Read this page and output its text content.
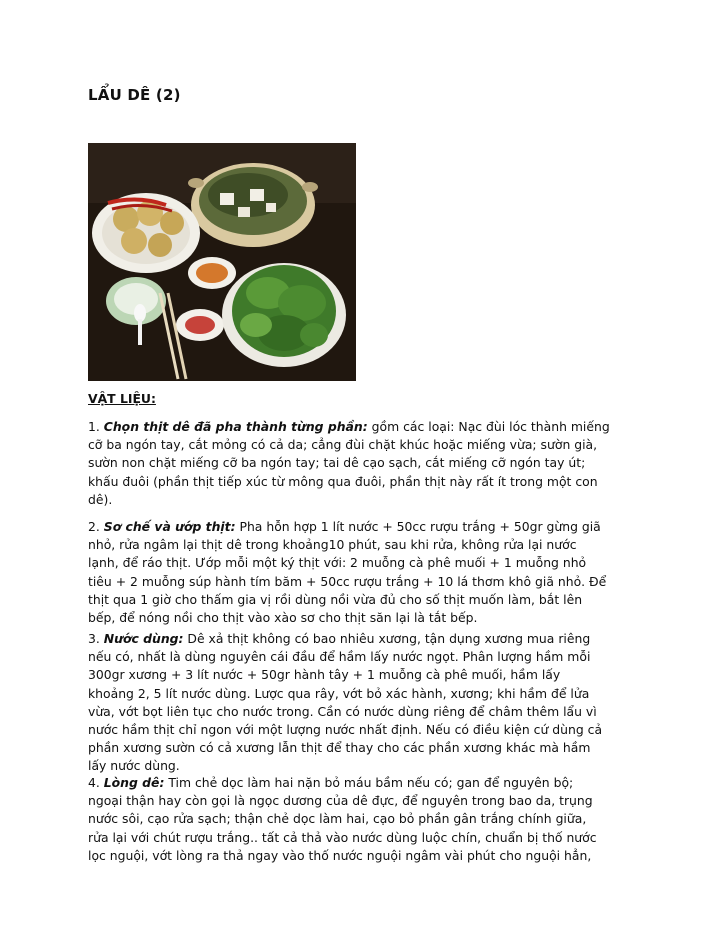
LẨU DÊ (2)
VẬT LIỆU:
1. Chọn thịt dê đã pha thành từng phần: gồm các loại: Nạc đùi lóc thành miếng
cỡ ba ngón tay, cắt mỏng có cả da; cẳng đùi chặt khúc hoặc miếng vừa; sườn già,
sườn non chặt miếng cỡ ba ngón tay; tai dê cạo sạch, cắt miếng cỡ ngón tay út;
khấu đuôi (phần thịt tiếp xúc từ mông qua đuôi, phần thịt này rất ít trong một con
dê).
2. Sơ chế và ướp thịt: Pha hỗn hợp 1 lít nước + 50cc rượu trắng + 50gr gừng giã
nhỏ, rửa ngâm lại thịt dê trong khoảng10 phút, sau khi rửa, không rửa lại nước
lạnh, để ráo thịt. Ướp mỗi một ký thịt với: 2 muỗng cà phê muối + 1 muỗng nhỏ
tiêu + 2 muỗng súp hành tím băm + 50cc rượu trắng + 10 lá thơm khô giã nhỏ. Để
thịt qua 1 giờ cho thấm gia vị rồi dùng nồi vừa đủ cho số thịt muốn làm, bắt lên
bếp, để nóng nồi cho thịt vào xào sơ cho thịt săn lại là tắt bếp.
3. Nước dùng: Dê xả thịt không có bao nhiêu xương, tận dụng xương mua riêng
nếu có, nhất là dùng nguyên cái đầu để hầm lấy nước ngọt. Phân lượng hầm mỗi
300gr xương + 3 lít nước + 50gr hành tây + 1 muỗng cà phê muối, hầm lấy
khoảng 2, 5 lít nước dùng. Lược qua rây, vớt bỏ xác hành, xương; khi hầm để lửa
vừa, vớt bọt liên tục cho nước trong. Cần có nước dùng riêng để châm thêm lẩu vì
nước hầm thịt chỉ ngon với một lượng nước nhất định. Nếu có điều kiện cứ dùng cả
phần xương sườn có cả xương lẫn thịt để thay cho các phần xương khác mà hầm
lấy nước dùng.
4. Lòng dê: Tim chẻ dọc làm hai nặn bỏ máu bầm nếu có; gan để nguyên bộ;
ngoại thận hay còn gọi là ngọc dương của dê đực, để nguyên trong bao da, trụng
nước sôi, cạo rửa sạch; thận chẻ dọc làm hai, cạo bỏ phần gân trắng chính giữa,
rửa lại với chút rượu trắng.. tất cả thả vào nước dùng luộc chín, chuẩn bị thố nước
lọc nguội, vớt lòng ra thả ngay vào thố nước nguội ngâm vài phút cho nguội hẳn,
